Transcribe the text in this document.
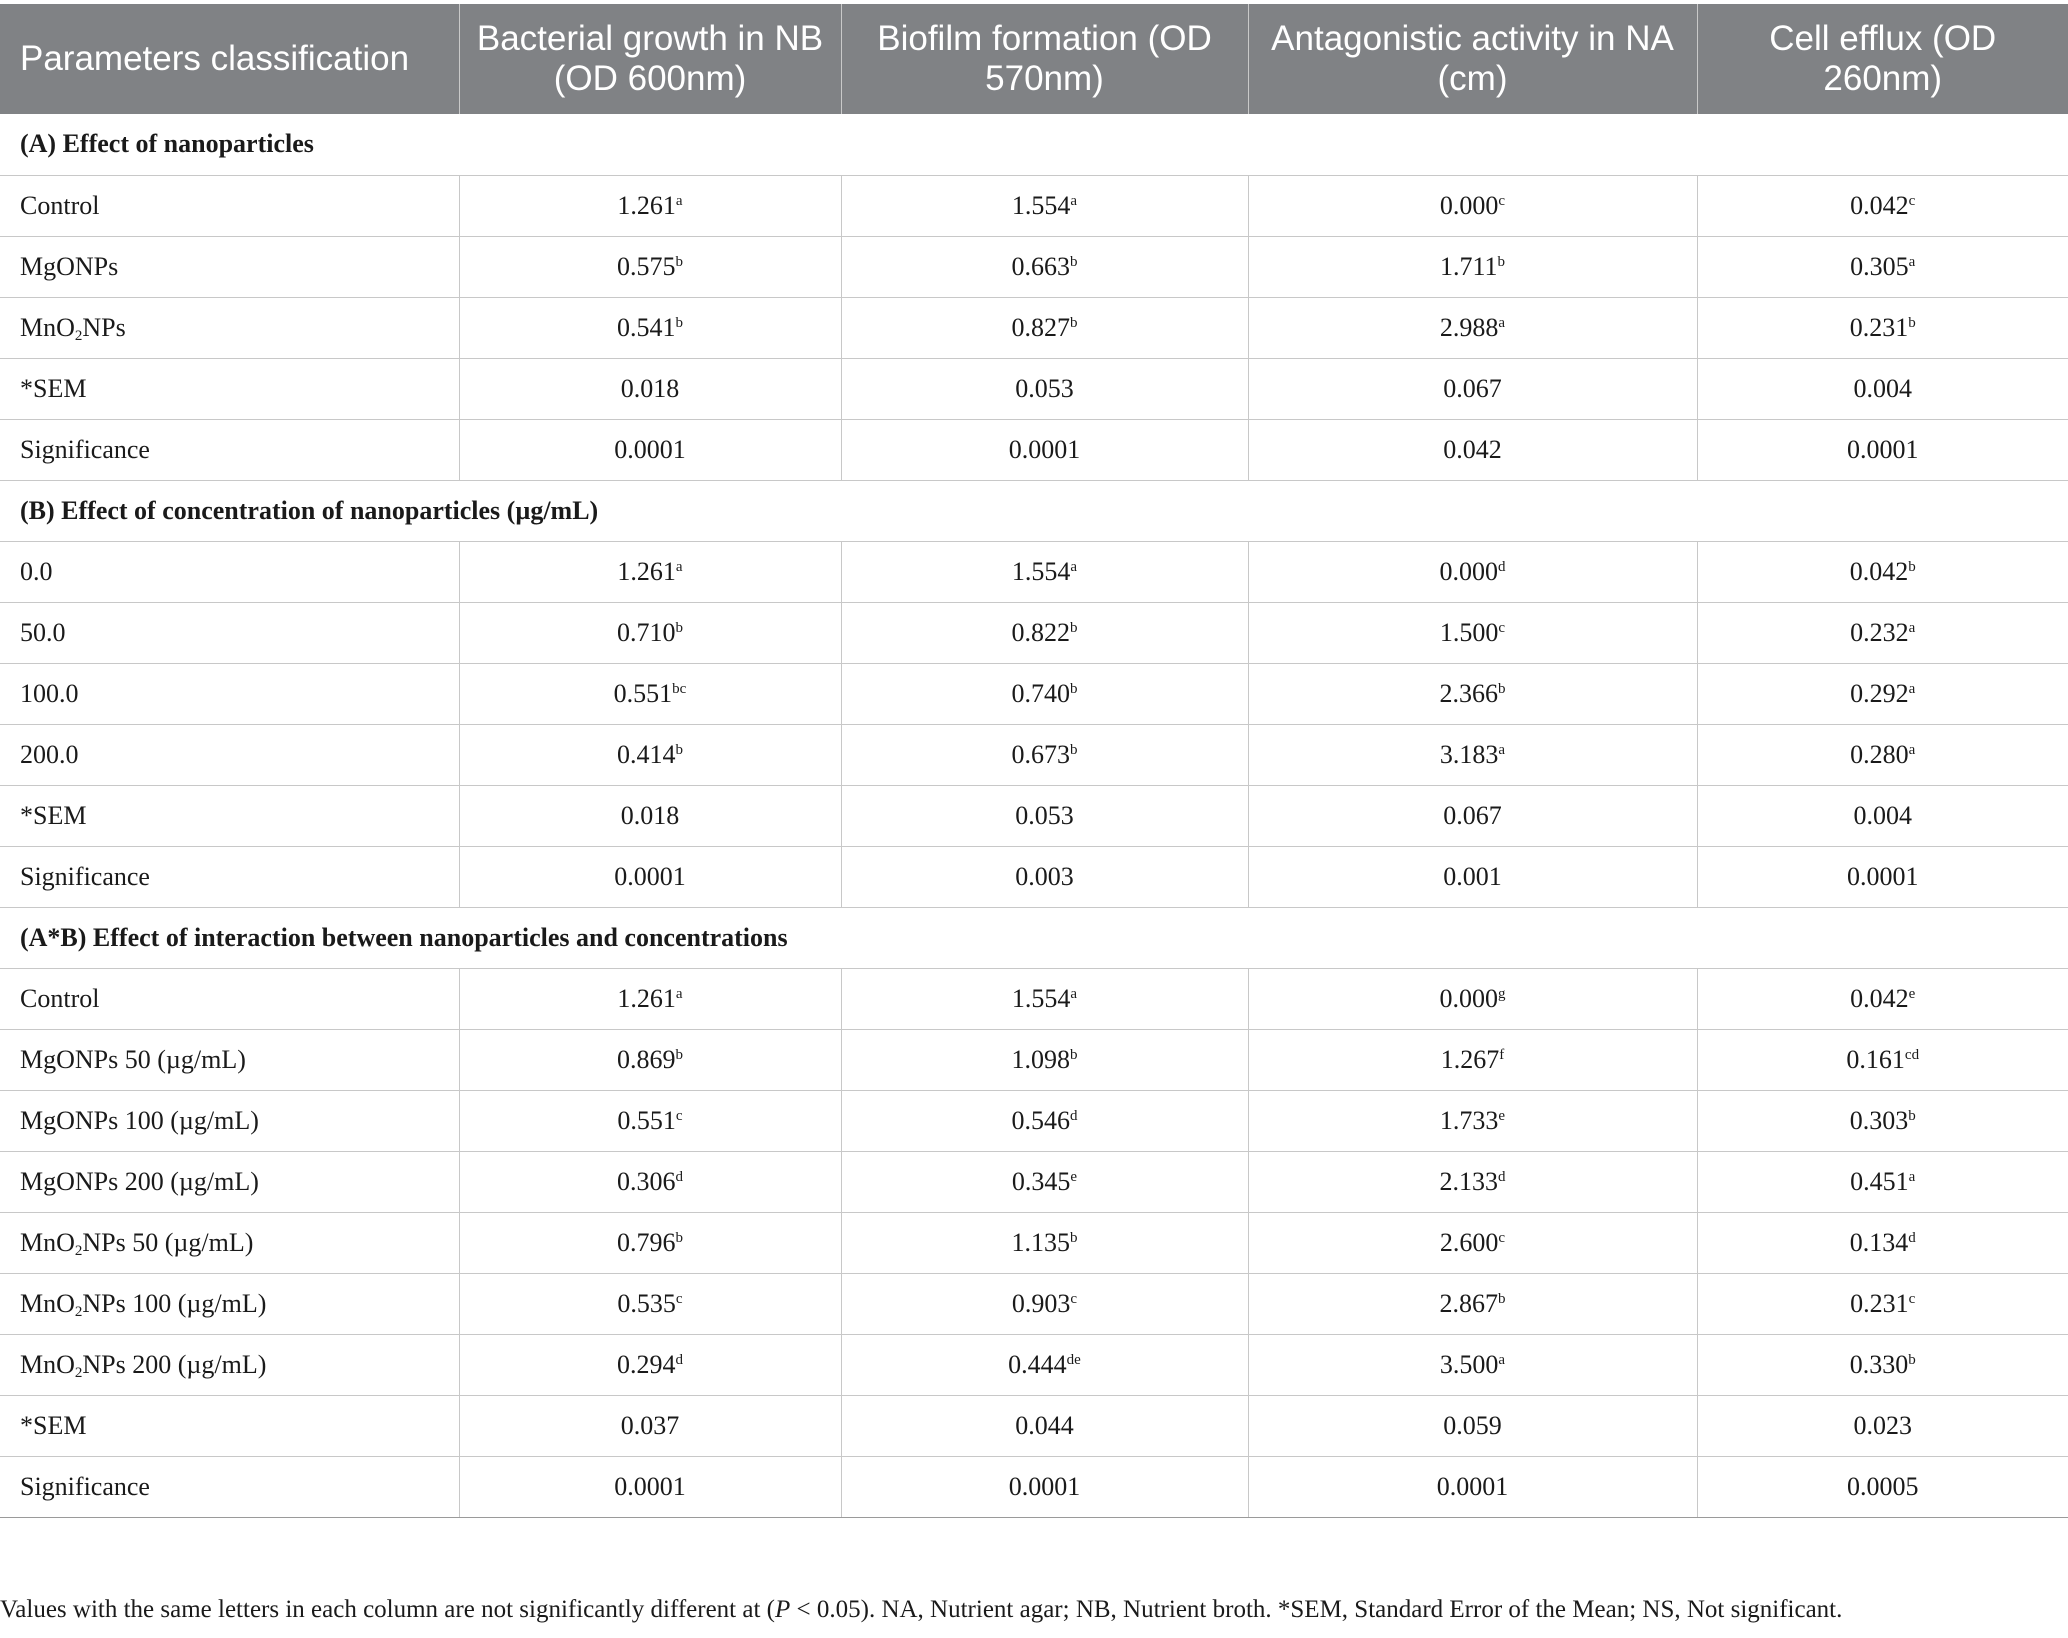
Parameters classification	Bacterial growth in NB (OD 600nm)	Biofilm formation (OD 570nm)	Antagonistic activity in NA (cm)	Cell efflux (OD 260nm)
(A) Effect of nanoparticles				
Control	1.261$^a$	1.554$^a$	0.000$^c$	0.042$^c$
MgONPs	0.575$^b$	0.663$^b$	1.711$^b$	0.305$^a$
MnO$_2$NPs	0.541$^b$	0.827$^b$	2.988$^a$	0.231$^b$
*SEM	0.018	0.053	0.067	0.004
Significance	0.0001	0.0001	0.042	0.0001
(B) Effect of concentration of nanoparticles (µg/mL)				
0.0	1.261$^a$	1.554$^a$	0.000$^d$	0.042$^b$
50.0	0.710$^b$	0.822$^b$	1.500$^c$	0.232$^a$
100.0	0.551$^{bc}$	0.740$^b$	2.366$^b$	0.292$^a$
200.0	0.414$^b$	0.673$^b$	3.183$^a$	0.280$^a$
*SEM	0.018	0.053	0.067	0.004
Significance	0.0001	0.003	0.001	0.0001
(A*B) Effect of interaction between nanoparticles and concentrations				
Control	1.261$^a$	1.554$^a$	0.000$^g$	0.042e
MgONPs 50 (µg/mL)	0.869$^b$	1.098$^b$	1.267$^f$	0.161$^{cd}$
MgONPs 100 (µg/mL)	0.551$^c$	0.546$^d$	1.733e	0.303$^b$
MgONPs 200 (µg/mL)	0.306$^d$	0.345e	2.133$^d$	0.451$^a$
MnO$_2$NPs 50 (µg/mL)	0.796$^b$	1.135$^b$	2.600$^c$	0.134$^d$
MnO$_2$NPs 100 (µg/mL)	0.535$^c$	0.903$^c$	2.867$^b$	0.231$^c$
MnO$_2$NPs 200 (µg/mL)	0.294$^d$	0.444de	3.500$^a$	0.330$^b$
*SEM	0.037	0.044	0.059	0.023
Significance	0.0001	0.0001	0.0001	0.0005
Values with the same letters in each column are not significantly different at (P < 0.05). NA, Nutrient agar; NB, Nutrient broth. *SEM, Standard Error of the Mean; NS, Not significant.
